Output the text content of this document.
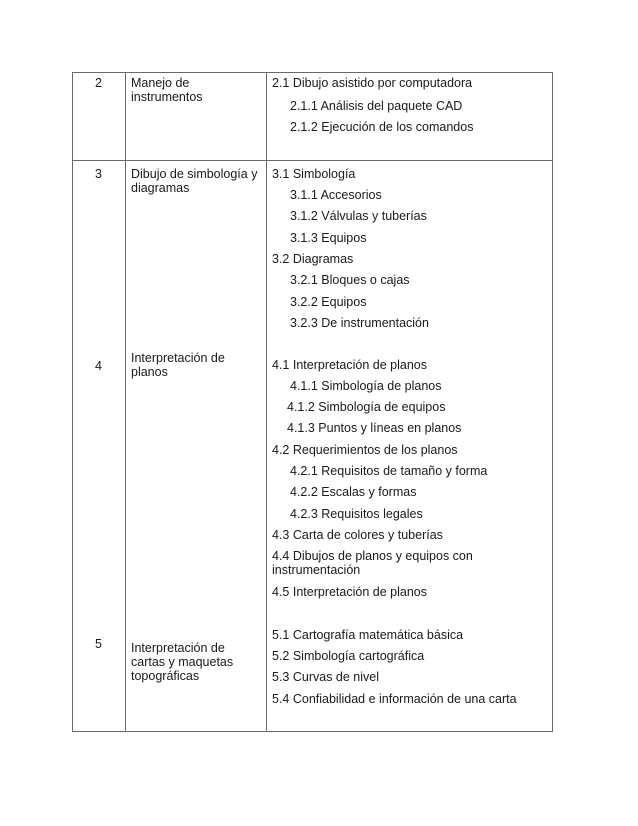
2 Manejo de instrumentos
2.1 Dibujo asistido por computadora
2.1.1 Análisis del paquete CAD
2.1.2 Ejecución de los comandos
3 Dibujo de simbología y diagramas
3.1 Simbología
3.1.1 Accesorios
3.1.2 Válvulas y tuberías
3.1.3 Equipos
3.2 Diagramas
3.2.1 Bloques o cajas
3.2.2 Equipos
3.2.3 De instrumentación
4
Interpretación de planos	4.1 Interpretación de planos
4.1.1 Simbología de planos
4.1.2 Simbología de equipos
4.1.3 Puntos y líneas en planos
4.2 Requerimientos de los planos
4.2.1 Requisitos de tamaño y forma
4.2.2 Escalas y formas
4.2.3 Requisitos legales
4.3 Carta de colores y tuberías
4.4 Dibujos de planos y equipos con instrumentación
4.5 Interpretación de planos
5 Interpretación de cartas y maquetas topográficas
5.1 Cartografía matemática básica
5.2 Simbología cartográfica
5.3 Curvas de nivel
5.4 Confiabilidad e información de una carta
